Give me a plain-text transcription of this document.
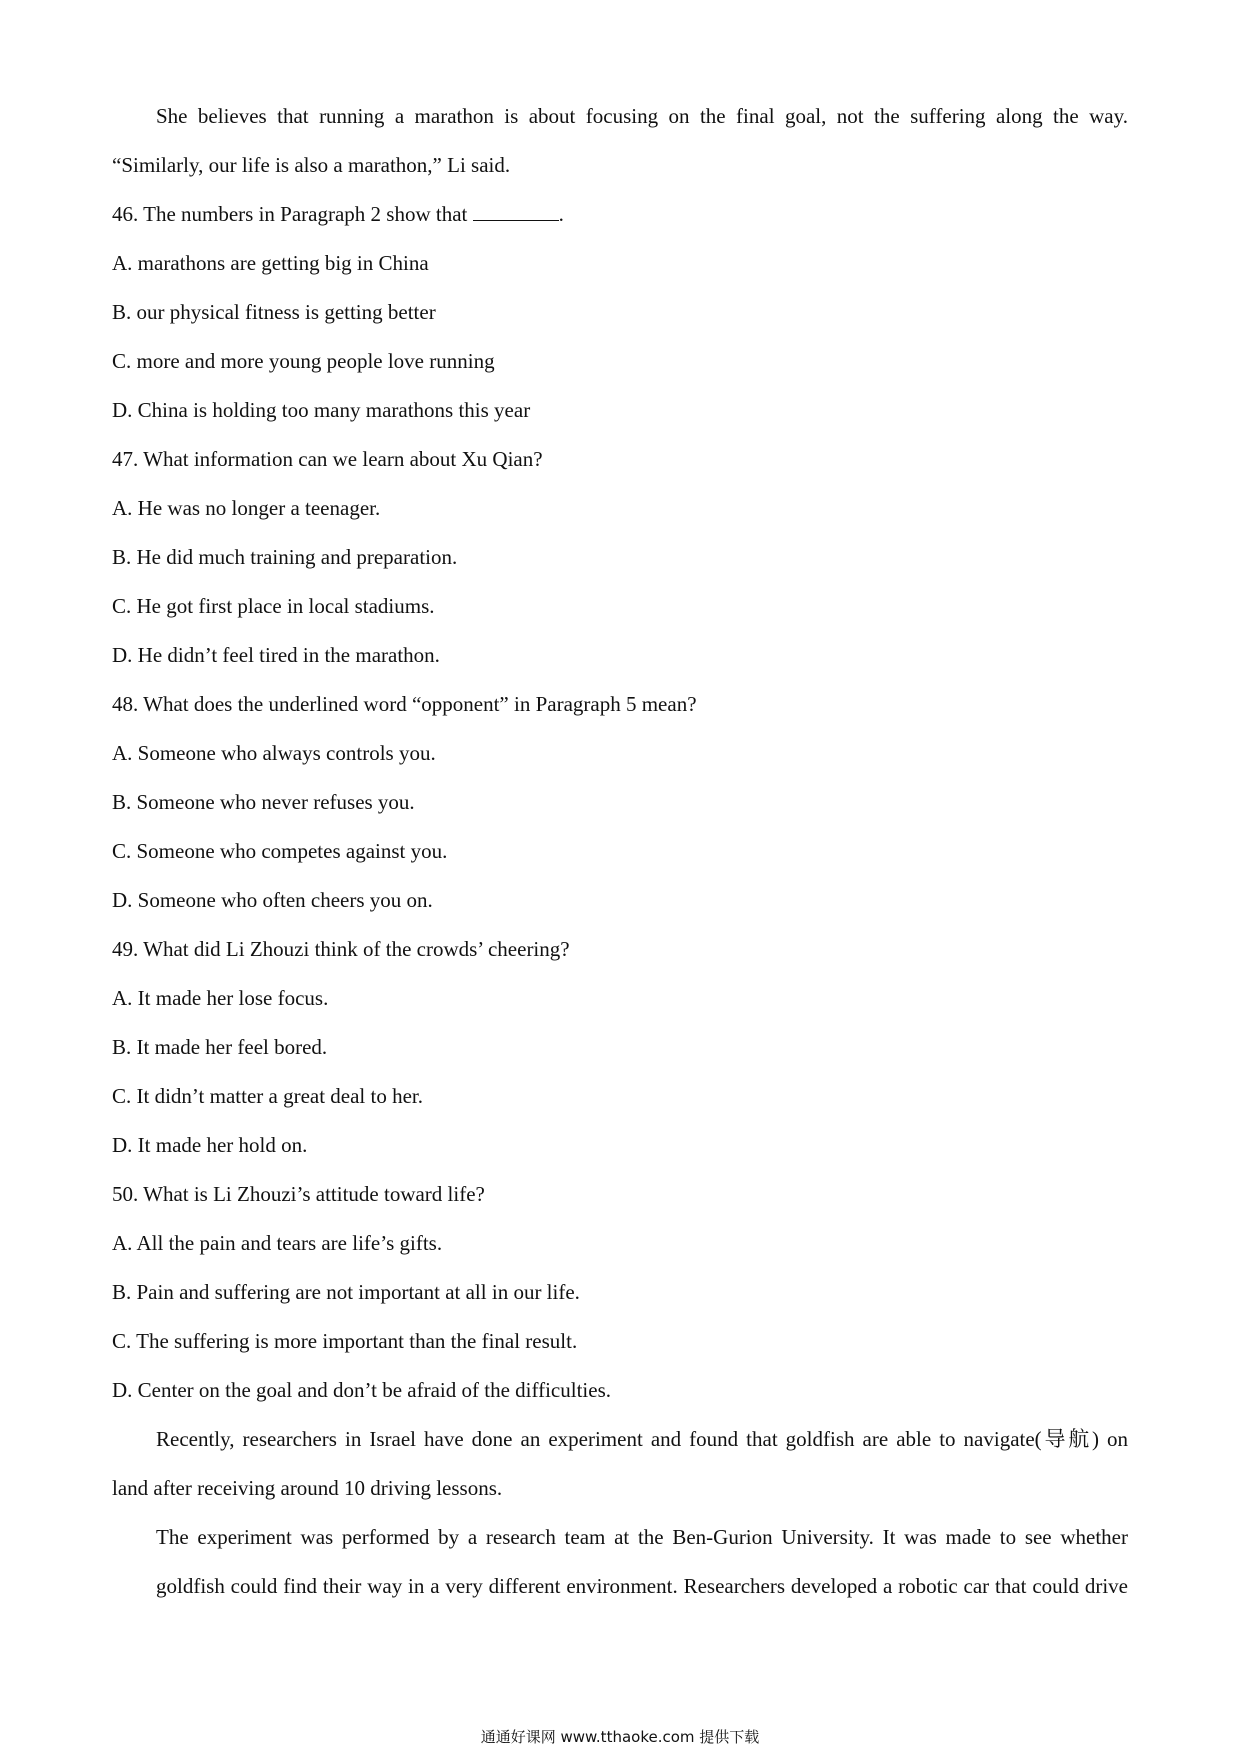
She believes that running a marathon is about focusing on the final goal, not the suffering along the way.
“Similarly, our life is also a marathon,” Li said.
46. The numbers in Paragraph 2 show that	.
A. marathons are getting big in China
B. our physical fitness is getting better
C. more and more young people love running
D. China is holding too many marathons this year
47. What information can we learn about Xu Qian?
A. He was no longer a teenager.
B. He did much training and preparation.
C. He got first place in local stadiums.
D. He didn’t feel tired in the marathon.
48. What does the underlined word “opponent” in Paragraph 5 mean?
A. Someone who always controls you.
B. Someone who never refuses you.
C. Someone who competes against you.
D. Someone who often cheers you on.
49. What did Li Zhouzi think of the crowds’ cheering?
A. It made her lose focus.
B. It made her feel bored.
C. It didn’t matter a great deal to her.
D. It made her hold on.
50. What is Li Zhouzi’s attitude toward life?
A. All the pain and tears are life’s gifts.
B. Pain and suffering are not important at all in our life.
C. The suffering is more important than the final result.
D. Center on the goal and don’t be afraid of the difficulties.
Recently, researchers in Israel have done an experiment and found that goldfish are able to navigate(导航) on
land after receiving around 10 driving lessons.
The experiment was performed by a research team at the Ben-Gurion University. It was made to see whether
goldfish could find their way in a very different environment. Researchers developed a robotic car that could drive
通通好课网 www.tthaoke.com 提供下载
